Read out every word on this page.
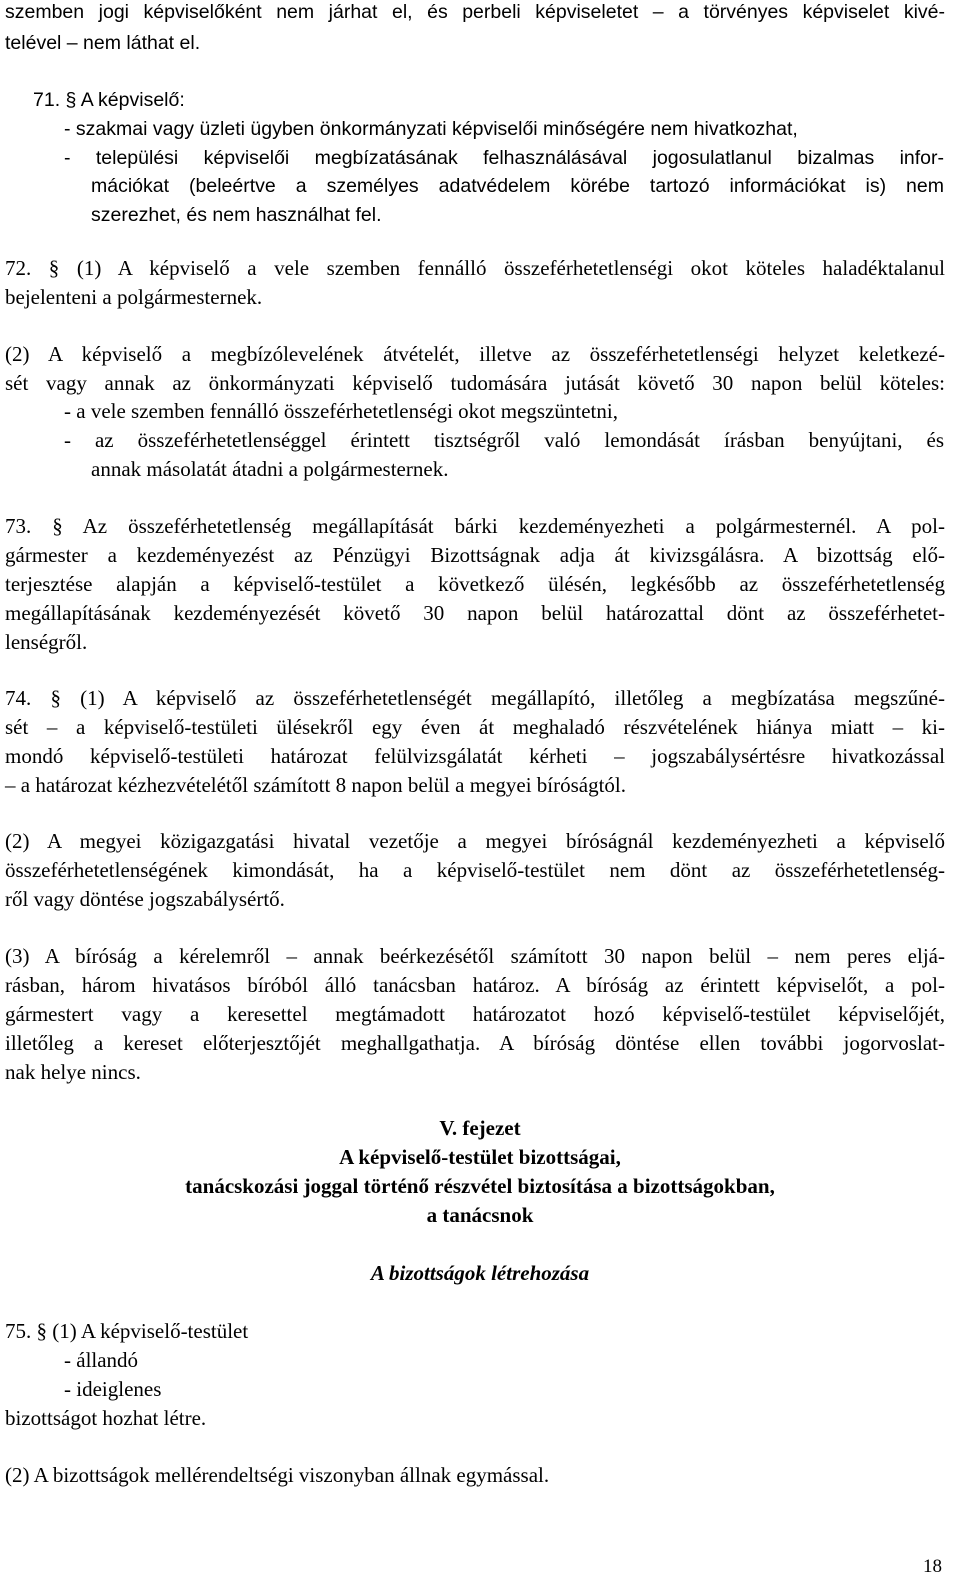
szemben jogi képviselőként nem járhat el, és perbeli képviseletet – a törvényes képviselet kivé-
telével – nem láthat el.
71. § A képviselő:
- szakmai vagy üzleti ügyben önkormányzati képviselői minőségére nem hivatkozhat,
- települési képviselői megbízatásának felhasználásával jogosulatlanul bizalmas infor-
mációkat (beleértve a személyes adatvédelem körébe tartozó információkat is) nem
szerezhet, és nem használhat fel.
72. § (1) A képviselő a vele szemben fennálló összeférhetetlenségi okot köteles haladéktalanul
bejelenteni a polgármesternek.
(2) A képviselő a megbízólevelének átvételét, illetve az összeférhetetlenségi helyzet keletkezé-
sét vagy annak az önkormányzati képviselő tudomására jutását követő 30 napon belül köteles:
- a vele szemben fennálló összeférhetetlenségi okot megszüntetni,
- az összeférhetetlenséggel érintett tisztségről való lemondását írásban benyújtani, és
annak másolatát átadni a polgármesternek.
73. § Az összeférhetetlenség megállapítását bárki kezdeményezheti a polgármesternél. A pol-
gármester a kezdeményezést az Pénzügyi Bizottságnak adja át kivizsgálásra. A bizottság elő-
terjesztése alapján a képviselő-testület a következő ülésén, legkésőbb az összeférhetetlenség
megállapításának kezdeményezését követő 30 napon belül határozattal dönt az összeférhetet-
lenségről.
74. § (1) A képviselő az összeférhetetlenségét megállapító, illetőleg a megbízatása megszűné-
sét – a képviselő-testületi ülésekről egy éven át meghaladó részvételének hiánya miatt – ki-
mondó képviselő-testületi határozat felülvizsgálatát kérheti – jogszabálysértésre hivatkozással
– a határozat kézhezvételétől számított 8 napon belül a megyei bíróságtól.
(2) A megyei közigazgatási hivatal vezetője a megyei bíróságnál kezdeményezheti a képviselő
összeférhetetlenségének kimondását, ha a képviselő-testület nem dönt az összeférhetetlenség-
ről vagy döntése jogszabálysértő.
(3) A bíróság a kérelemről – annak beérkezésétől számított 30 napon belül – nem peres eljá-
rásban, három hivatásos bíróból álló tanácsban határoz. A bíróság az érintett képviselőt, a pol-
gármestert vagy a keresettel megtámadott határozatot hozó képviselő-testület képviselőjét,
illetőleg a kereset előterjesztőjét meghallgathatja. A bíróság döntése ellen további jogorvoslat-
nak helye nincs.
V. fejezet
A képviselő-testület bizottságai,
tanácskozási joggal történő részvétel biztosítása a bizottságokban,
a tanácsnok
A bizottságok létrehozása
75. § (1) A képviselő-testület
- állandó
- ideiglenes
bizottságot hozhat létre.
(2) A bizottságok mellérendeltségi viszonyban állnak egymással.
18
